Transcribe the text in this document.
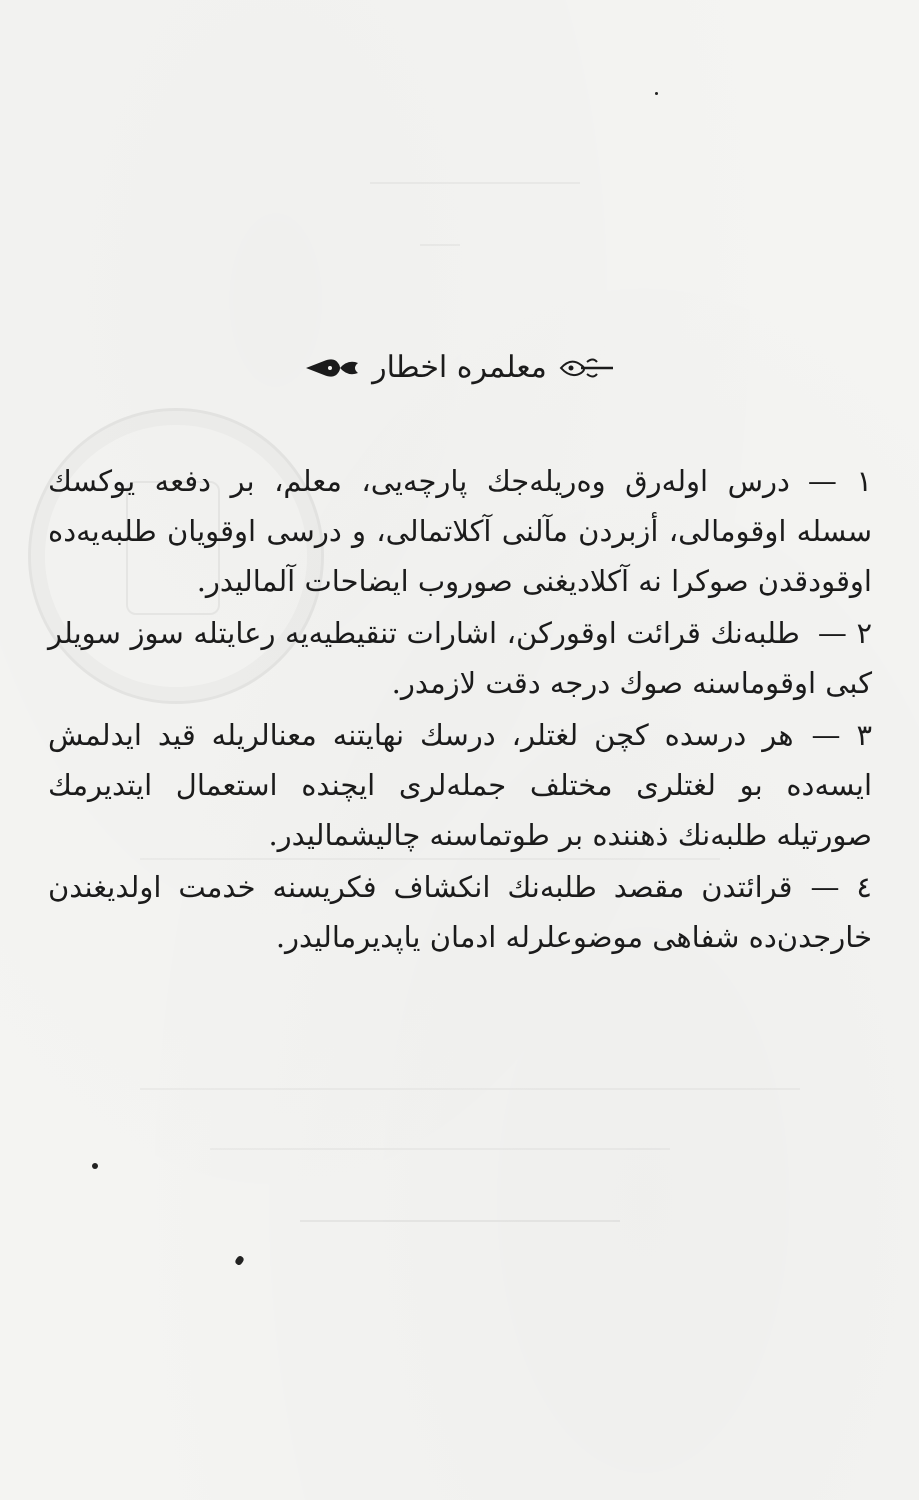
معلمره اخطار

١ —درس اوله‌رق وه‌ریله‌جك پارچه‌یی، معلم، بر دفعه یوكسك سسله اوقومالی، أزبردن مآلنی آكلاتمالی، و درسی اوقویان طلبه‌یه‌ده اوقودقدن صوكرا نه آكلادیغنی صوروب ایضاحات آلمالیدر.

٢ —طلبه‌نك قرائت اوقورکن، اشارات تنقیطیه‌یه رعایتله سوز سویلر كبی اوقوماسنه صوك درجه دقت لازمدر.

٣ —هر درسده كچن لغتلر، درسك نهایتنه معنالریله قید ایدلمش ایسه‌ده بو لغتلری مختلف جمله‌لری ایچنده استعمال ایتدیرمك صورتیله طلبه‌نك ذهننده بر طوتماسنه چالیشمالیدر.

٤ —قرائتدن مقصد طلبه‌نك انكشاف فكریسنه خدمت اولدیغندن خارجدن‌ده شفاهی موضوعلرله ادمان یاپدیرمالیدر.
